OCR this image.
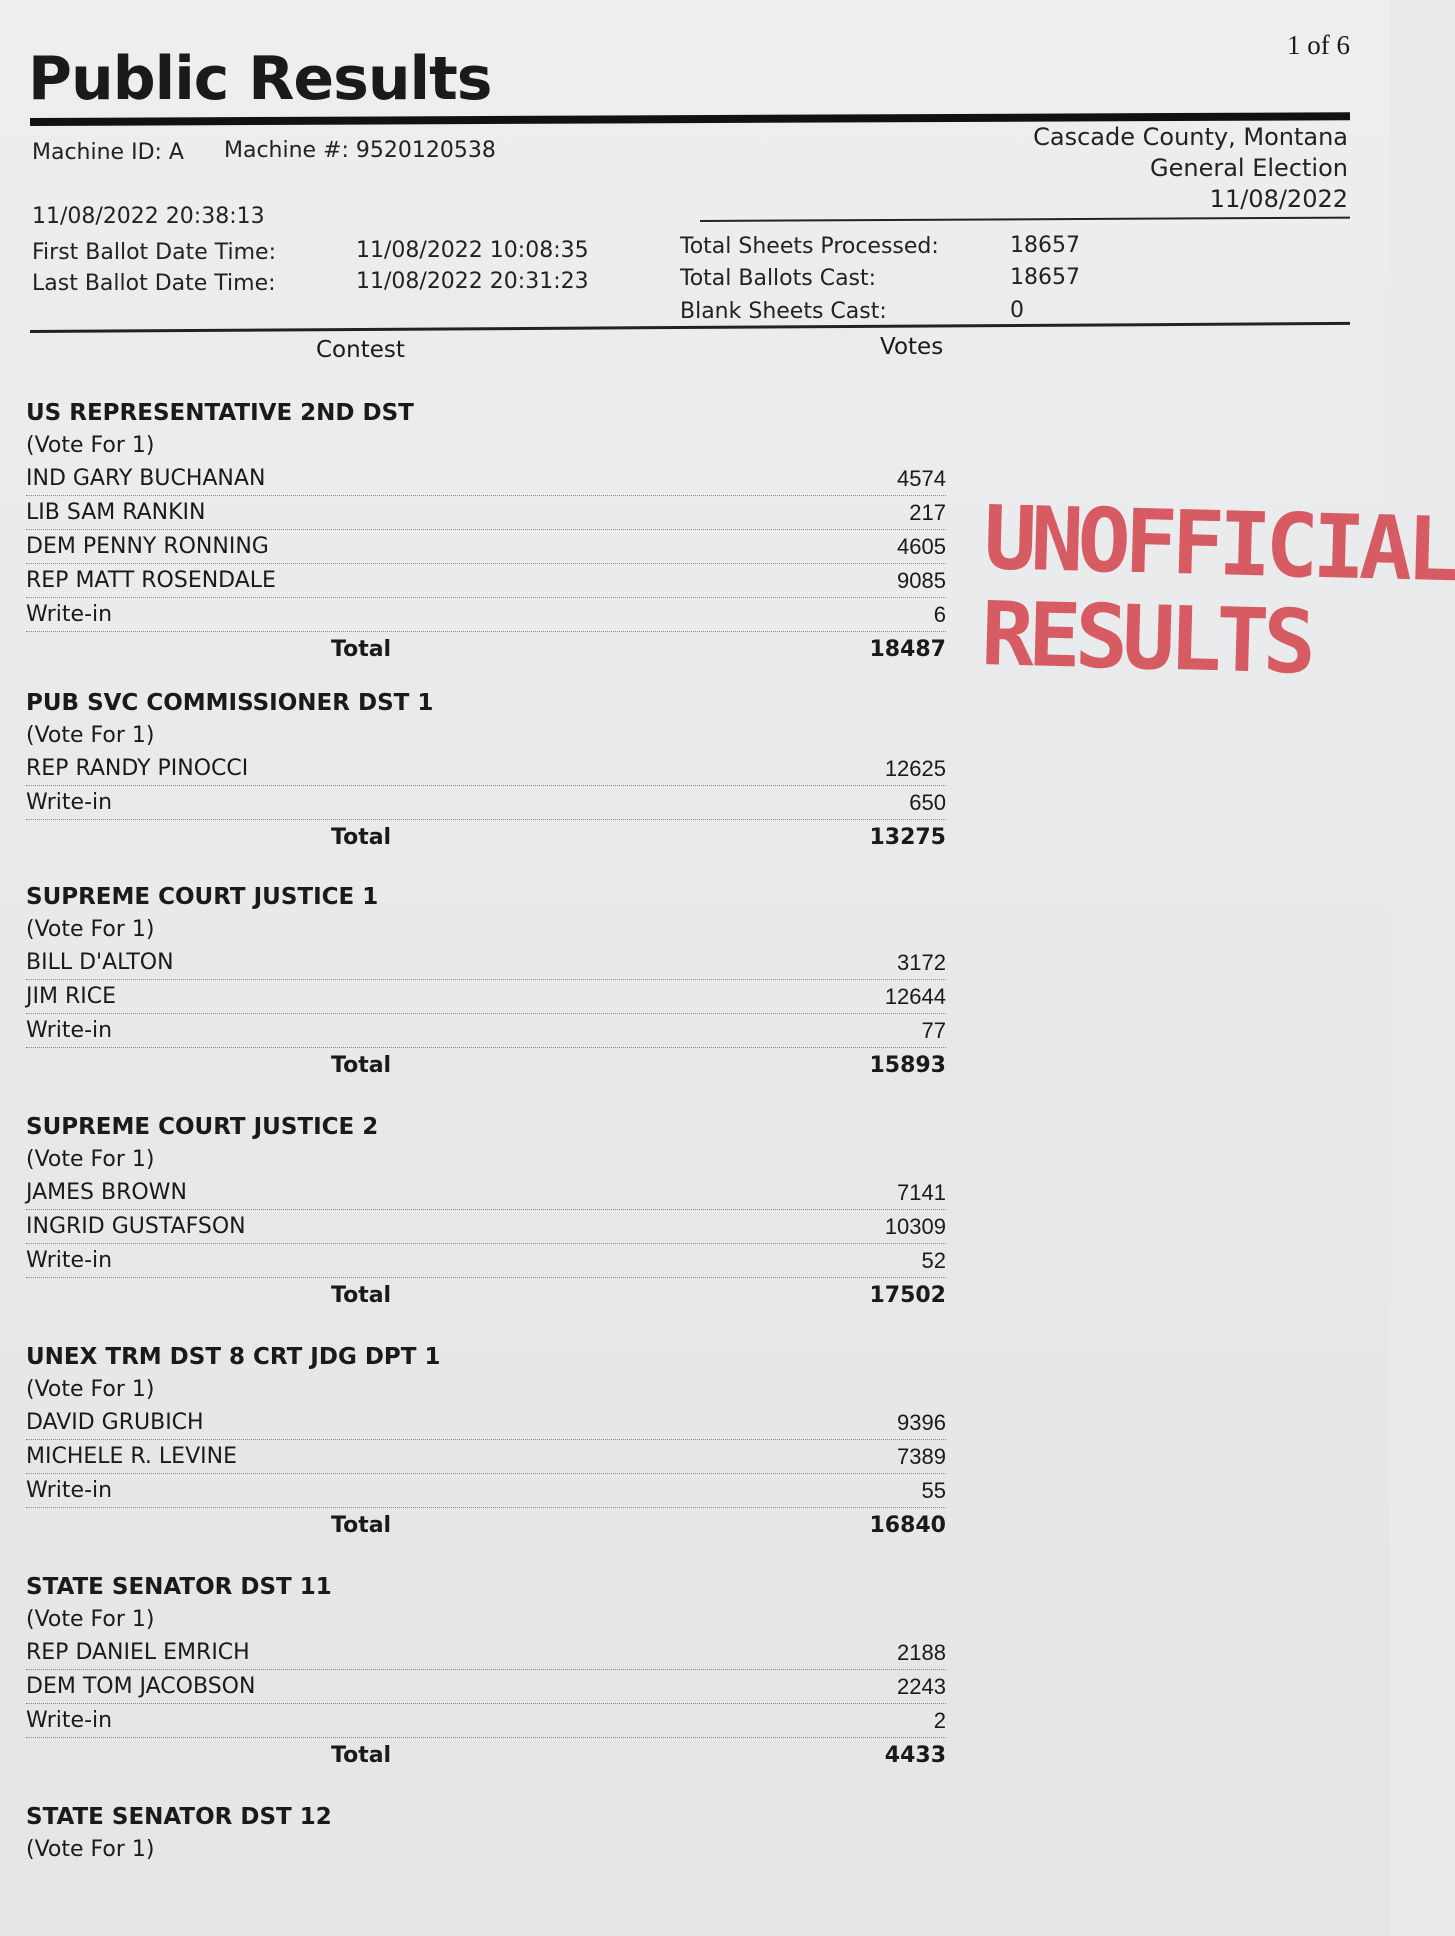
1 of 6
Public Results
Machine ID: A Machine #: 9520120538	Cascade County, Montana
General Election
11/08/2022
11/08/2022 20:38:13
First Ballot Date Time:	11/08/2022 10:08:35
Last Ballot Date Time:	11/08/2022 20:31:23
Total Sheets Processed:	18657
Total Ballots Cast:	18657
Blank Sheets Cast:	0
Contest	Votes
US REPRESENTATIVE 2ND DST
(Vote For 1)
IND GARY BUCHANAN	4574
LIB SAM RANKIN	217
DEM PENNY RONNING	4605
REP MATT ROSENDALE	9085
Write-in	6
Total	18487
PUB SVC COMMISSIONER DST 1
(Vote For 1)
REP RANDY PINOCCI	12625
Write-in	650
Total	13275
SUPREME COURT JUSTICE 1
(Vote For 1)
BILL D'ALTON	3172
JIM RICE	12644
Write-in	77
Total	15893
SUPREME COURT JUSTICE 2
(Vote For 1)
JAMES BROWN	7141
INGRID GUSTAFSON	10309
Write-in	52
Total	17502
UNEX TRM DST 8 CRT JDG DPT 1
(Vote For 1)
DAVID GRUBICH	9396
MICHELE R. LEVINE	7389
Write-in	55
Total	16840
STATE SENATOR DST 11
(Vote For 1)
REP DANIEL EMRICH	2188
DEM TOM JACOBSON	2243
Write-in	2
Total	4433
STATE SENATOR DST 12
(Vote For 1)
UNOFFICIAL
RESULTS
